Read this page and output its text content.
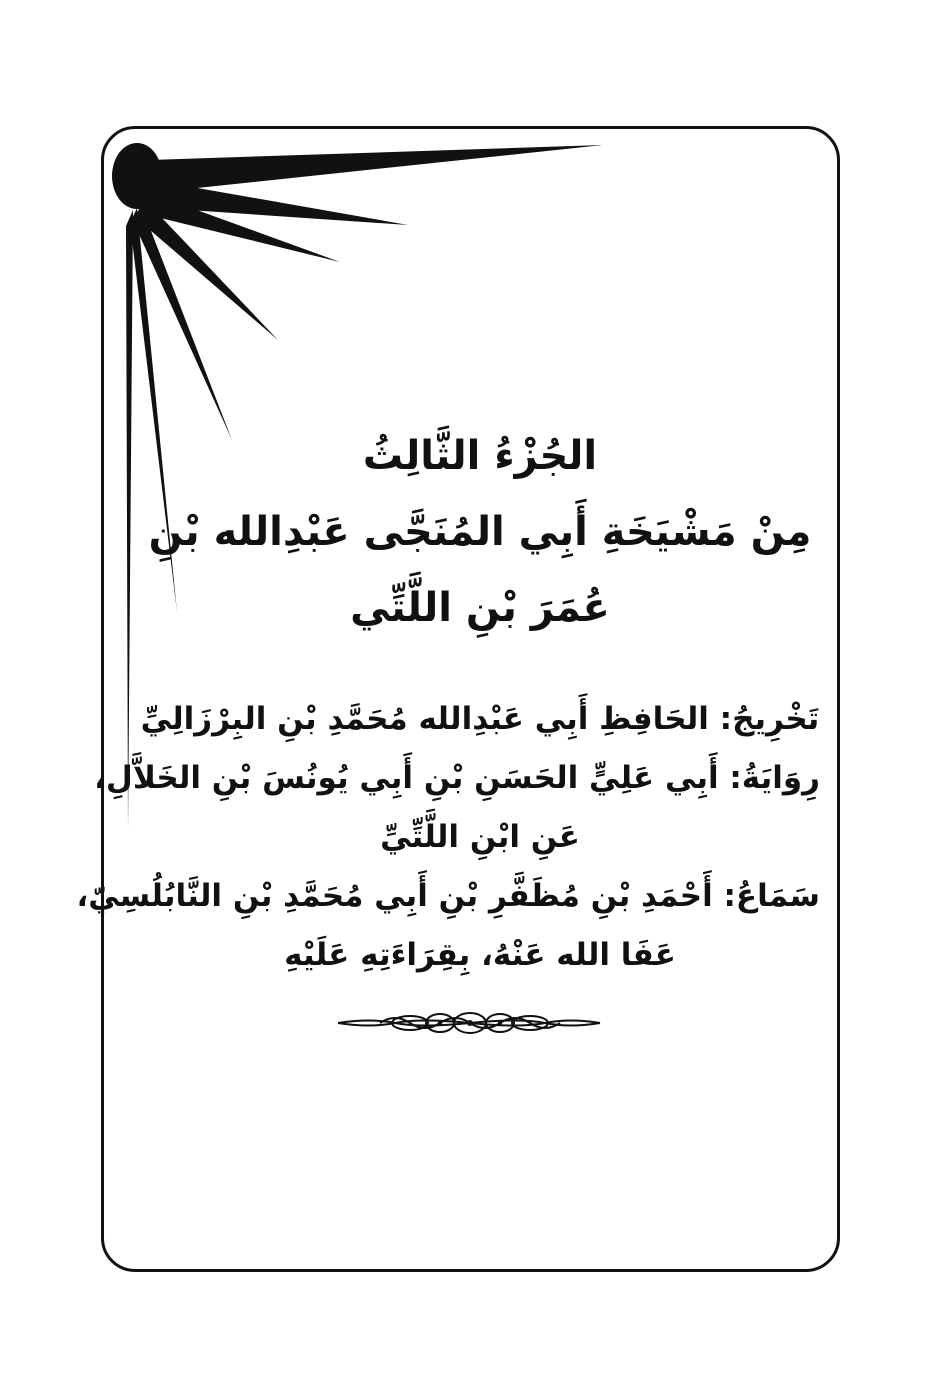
الجُزْءُ الثَّالِثُ
مِنْ مَشْيَخَةِ أَبِي المُنَجَّى عَبْدِالله بْنِ
عُمَرَ بْنِ اللَّتِّي
تَخْرِيجُ: الحَافِظِ أَبِي عَبْدِالله مُحَمَّدِ بْنِ البِرْزَالِيِّ
رِوَايَةُ: أَبِي عَلِيٍّ الحَسَنِ بْنِ أَبِي يُونُسَ بْنِ الخَلاَّلِ،
عَنِ ابْنِ اللَّتِّيِّ
سَمَاعُ: أَحْمَدِ بْنِ مُظَفَّرِ بْنِ أَبِي مُحَمَّدِ بْنِ النَّابُلُسِيّ،
عَفَا الله عَنْهُ، بِقِرَاءَتِهِ عَلَيْهِ
